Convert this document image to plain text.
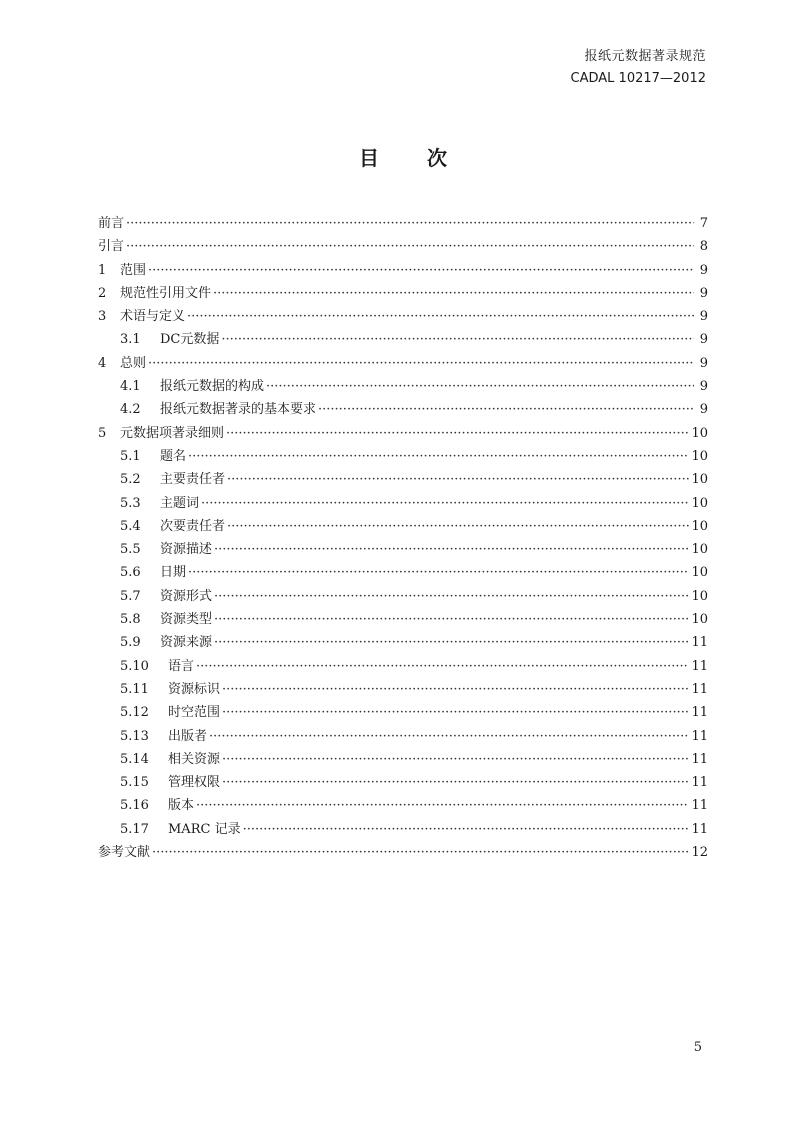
报纸元数据著录规范
CADAL 10217—2012
目 次
前言 ·····	7
引言 ·····	8
1	范围 ·····	9
2	规范性引用文件 ·····	9
3	术语与定义 ·····	9
3.1	DC元数据 ·····	9
4	总则 ·····	9
4.1	报纸元数据的构成 ·····	9
4.2	报纸元数据著录的基本要求 ·····	9
5	元数据项著录细则 ·····	10
5.1	题名 ·····	10
5.2	主要责任者 ·····	10
5.3	主题词 ·····	10
5.4	次要责任者 ·····	10
5.5	资源描述 ·····	10
5.6	日期 ·····	10
5.7	资源形式 ·····	10
5.8	资源类型 ·····	10
5.9	资源来源 ·····	11
5.10	语言 ·····	11
5.11	资源标识 ·····	11
5.12	时空范围 ·····	11
5.13	出版者 ·····	11
5.14	相关资源 ·····	11
5.15	管理权限 ·····	11
5.16	版本 ·····	11
5.17	MARC 记录 ·····	11
参考文献 ·····	12
5
